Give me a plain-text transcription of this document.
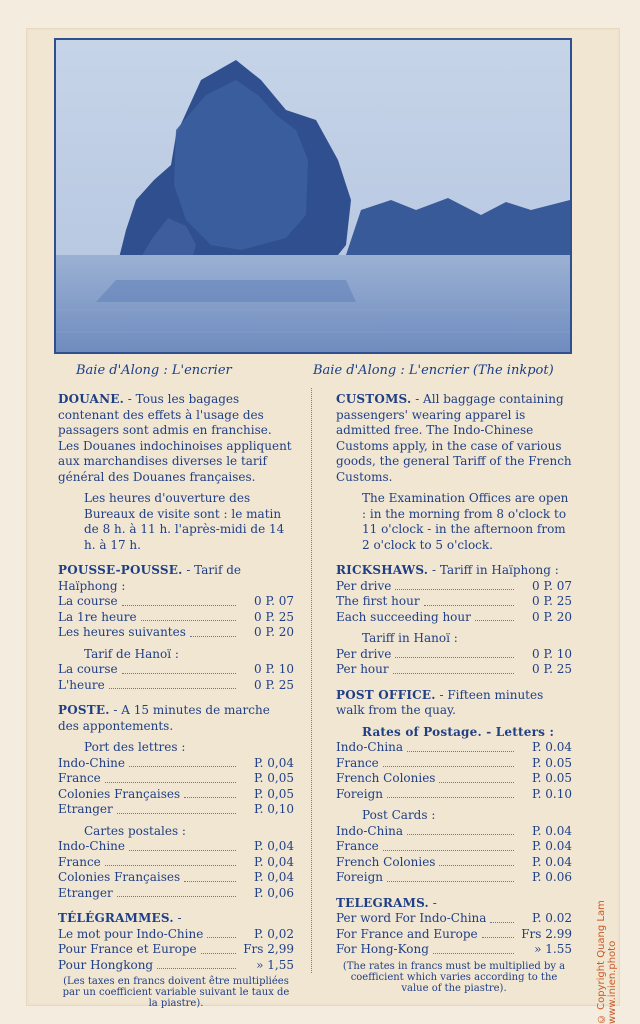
Baie d'Along : L'encrier	Baie d'Along : L'encrier (The inkpot)

DOUANE. - Tous les bagages contenant des effets à l'usage des passagers sont admis en franchise. Les Douanes indochinoises appliquent aux marchandises diverses le tarif général des Douanes françaises.

Les heures d'ouverture des Bureaux de visite sont : le matin de 8 h. à 11 h. l'après-midi de 14 h. à 17 h.

POUSSE-POUSSE. - Tarif de Haïphong :

La course	0 P. 07
La 1re heure	0 P. 25
Les heures suivantes	0 P. 20

Tarif de Hanoï :

La course	0 P. 10
L'heure	0 P. 25

POSTE. - A 15 minutes de marche des appontements.

Port des lettres :

Indo-Chine	P. 0,04
France	P. 0,05
Colonies Françaises	P. 0,05
Etranger	P. 0,10

Cartes postales :

Indo-Chine	P. 0,04
France	P. 0,04
Colonies Françaises	P. 0,04
Etranger	P. 0,06

TÉLÉGRAMMES. -

Le mot pour Indo-Chine	P. 0,02
Pour France et Europe	Frs 2,99
Pour Hongkong	» 1,55

(Les taxes en francs doivent être multipliées par un coefficient variable suivant le taux de la piastre).

CUSTOMS. - All baggage containing passengers' wearing apparel is admitted free. The Indo-Chinese Customs apply, in the case of various goods, the general Tariff of the French Customs.

The Examination Offices are open : in the morning from 8 o'clock to 11 o'clock - in the afternoon from 2 o'clock to 5 o'clock.

RICKSHAWS. - Tariff in Haïphong :

Per drive	0 P. 07
The first hour	0 P. 25
Each succeeding hour	0 P. 20

Tariff in Hanoï :

Per drive	0 P. 10
Per hour	0 P. 25

POST OFFICE. - Fifteen minutes walk from the quay.

Rates of Postage. - Letters :

Indo-China	P. 0.04
France	P. 0.05
French Colonies	P. 0.05
Foreign	P. 0.10

Post Cards :

Indo-China	P. 0.04
France	P. 0.04
French Colonies	P. 0.04
Foreign	P. 0.06

TELEGRAMS. -

Per word For Indo-China	P. 0.02
For France and Europe	Frs 2.99
For Hong-Kong	» 1.55

(The rates in francs must be multiplied by a coefficient which varies according to the value of the piastre).	© Copyright Quang Lam www.inien.photo
